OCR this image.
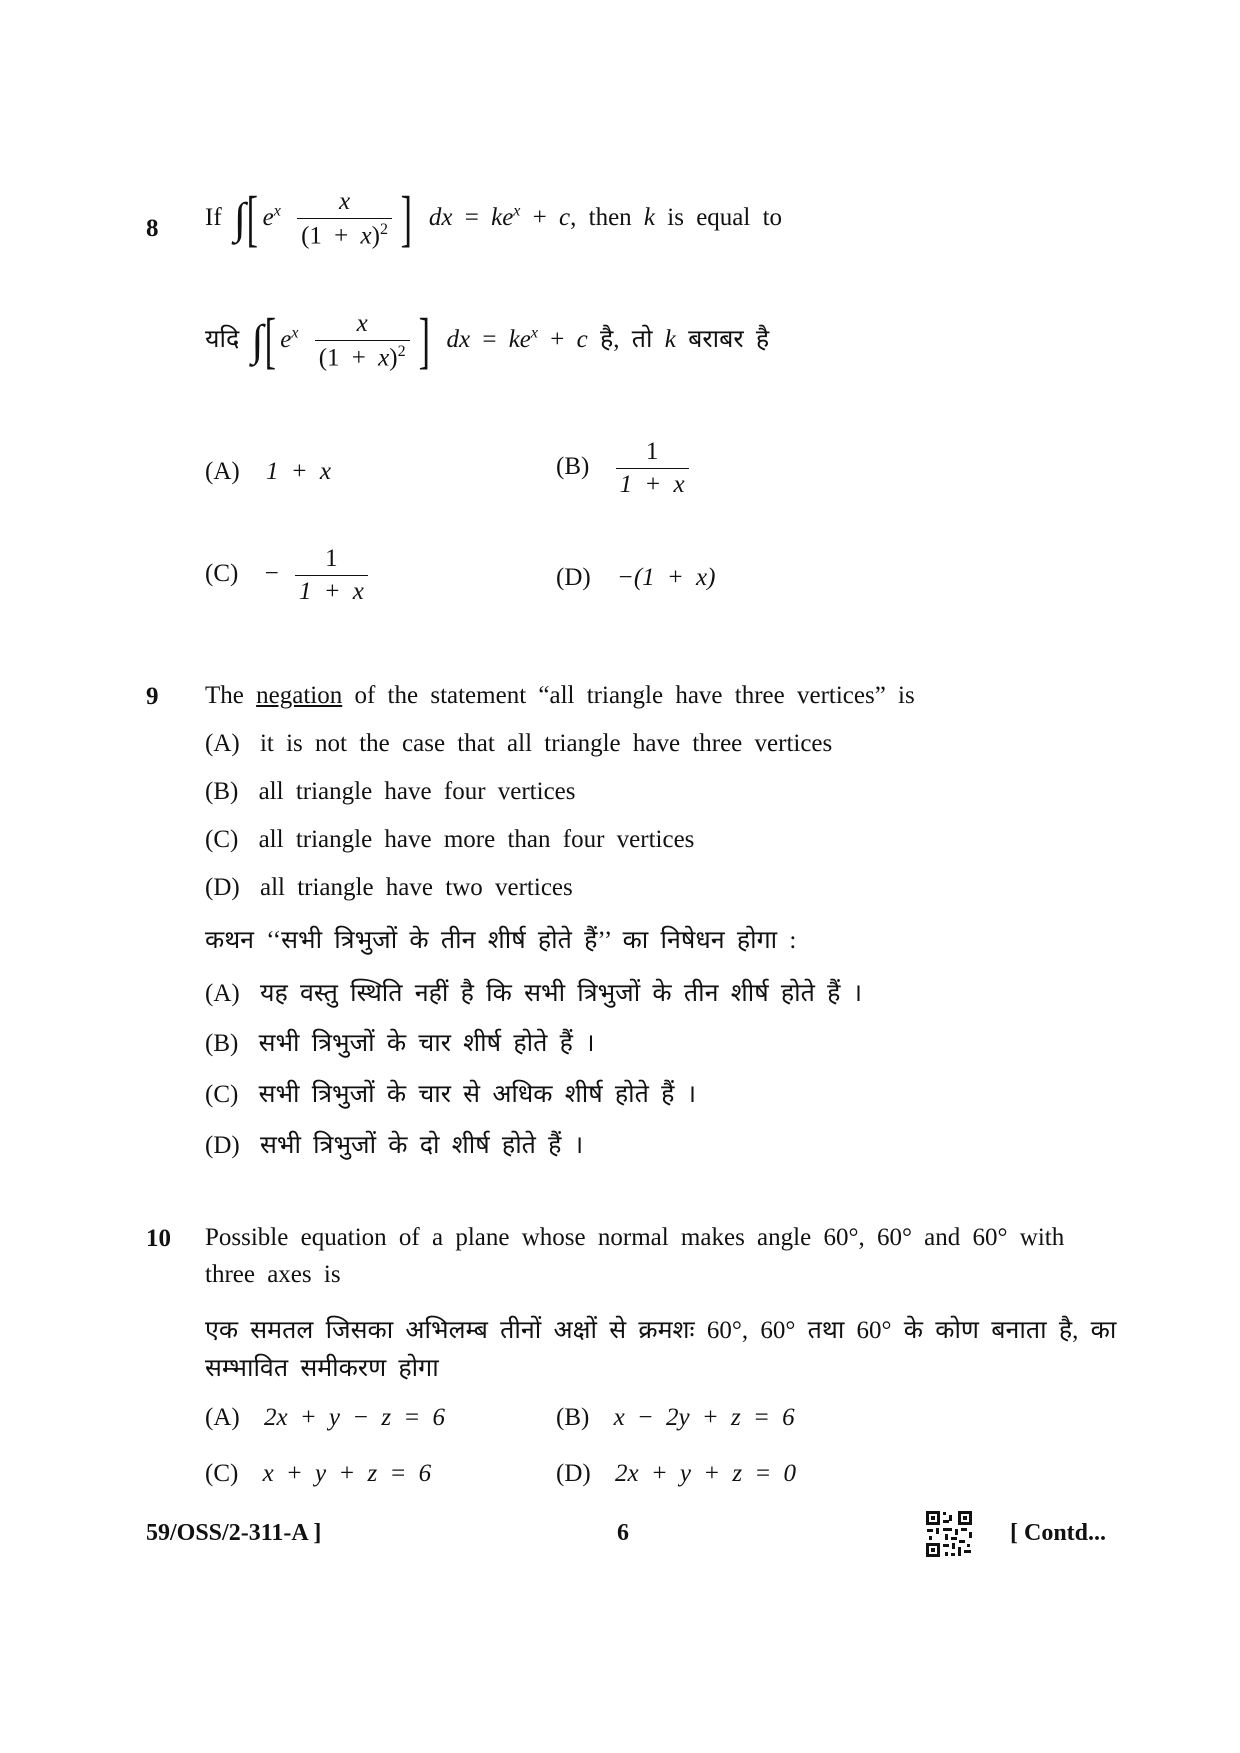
8 If ∫[ $e^x \frac{x}{(1 + x)^2}$ ] dx = $ke^x + c$, then k is equal to
यदि ∫[ $e^x \frac{x}{(1 + x)^2}$ ] dx = $ke^x + c$ है, तो k बराबर है
(A) 1 + x	$(B) \frac{1}{1 + x}$
$(C) - \frac{1}{1 + x}$	(D) −(1 + x)
9 The negation of the statement “all triangle have three vertices” is
(A) it is not the case that all triangle have three vertices
(B) all triangle have four vertices
(C) all triangle have more than four vertices
(D) all triangle have two vertices
कथन ‘‘सभी त्रिभुजों के तीन शीर्ष होते हैं’’ का निषेधन होगा :
(A) यह वस्तु स्थिति नहीं है कि सभी त्रिभुजों के तीन शीर्ष होते हैं ।
(B) सभी त्रिभुजों के चार शीर्ष होते हैं ।
(C) सभी त्रिभुजों के चार से अधिक शीर्ष होते हैं ।
(D) सभी त्रिभुजों के दो शीर्ष होते हैं ।
10 Possible equation of a plane whose normal makes angle 60°, 60° and 60° with
three axes is
एक समतल जिसका अभिलम्ब तीनों अक्षों से क्रमशः 60°, 60° तथा 60° के कोण बनाता है, का
सम्भावित समीकरण होगा
(A) 2x + y − z = 6	(B) x − 2y + z = 6
(C) x + y + z = 6	(D) 2x + y + z = 0
59/OSS/2-311-A ]	6	[ Contd...
